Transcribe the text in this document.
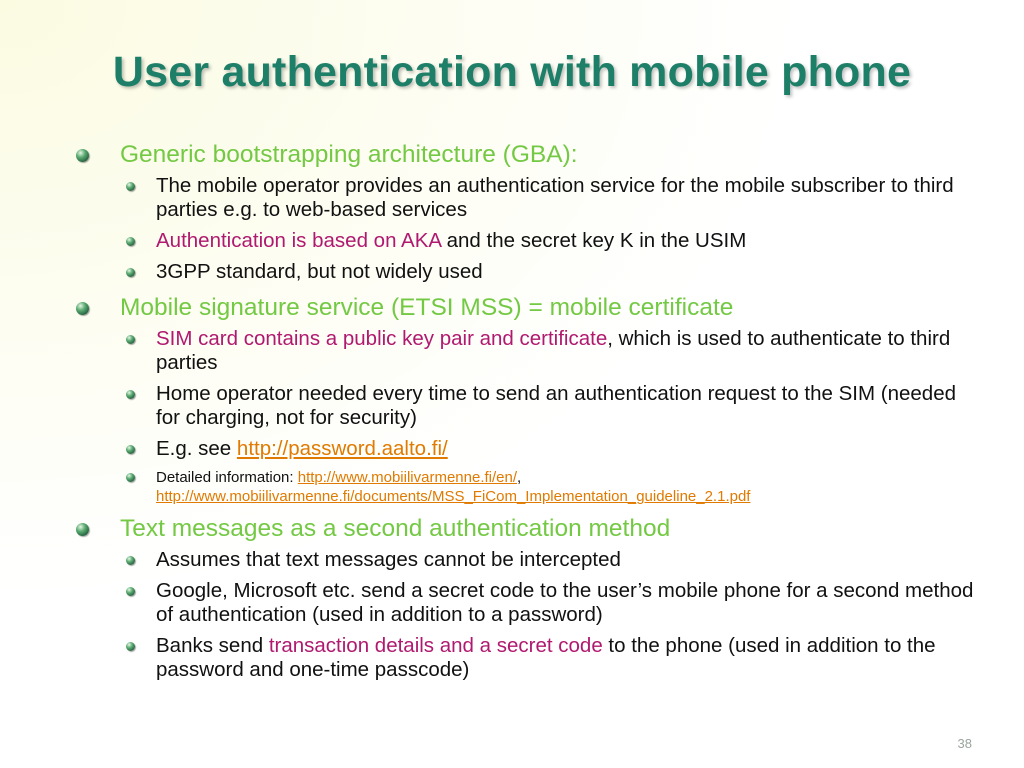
User authentication with mobile phone
Generic bootstrapping architecture (GBA):
The mobile operator provides an authentication service for the mobile subscriber to third parties e.g. to web-based services
Authentication is based on AKA and the secret key K in the USIM
3GPP standard, but not widely used
Mobile signature service (ETSI MSS) = mobile certificate
SIM card contains a public key pair and certificate, which is used to authenticate to third parties
Home operator needed every time to send an authentication request to the SIM (needed for charging, not for security)
E.g. see http://password.aalto.fi/
Detailed information: http://www.mobiilivarmenne.fi/en/,
http://www.mobiilivarmenne.fi/documents/MSS_FiCom_Implementation_guideline_2.1.pdf
Text messages as a second authentication method
Assumes that text messages cannot be intercepted
Google, Microsoft etc. send a secret code to the user’s mobile phone for a second method of authentication (used in addition to a password)
Banks send transaction details and a secret code to the phone (used in addition to the password and one-time passcode)
38
